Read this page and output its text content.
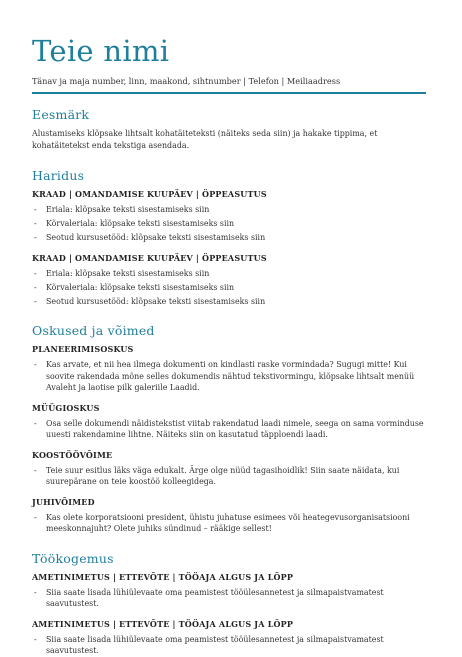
Teie nimi
Tänav ja maja number, linn, maakond, sihtnumber | Telefon | Meiliaadress
Eesmärk

Alustamiseks klõpsake lihtsalt kohatäiteteksti (näiteks seda siin) ja hakake tippima, et kohatäitetekst enda tekstiga asendada.

Haridus
KRAAD | OMANDAMISE KUUPÄEV | ÖPPEASUTUS
- Eriala: klõpsake teksti sisestamiseks siin
- Kõrvaleriala: klõpsake teksti sisestamiseks siin
- Seotud kursusetööd: klõpsake teksti sisestamiseks siin
KRAAD | OMANDAMISE KUUPÄEV | ÖPPEASUTUS
- Eriala: klõpsake teksti sisestamiseks siin
- Kõrvaleriala: klõpsake teksti sisestamiseks siin
- Seotud kursusetööd: klõpsake teksti sisestamiseks siin
Oskused ja võimed
PLANEERIMISOSKUS
- Kas arvate, et nii hea ilmega dokumenti on kindlasti raske vormindada? Sugugi mitte! Kui soovite rakendada mõne selles dokumendis nähtud tekstivormingu, klõpsake lihtsalt menüü Avaleht ja laotise pilk galeriile Laadid.
MÜÜGIOSKUS
- Osa selle dokumendi näidistekstist viitab rakendatud laadi nimele, seega on sama vorminduse uuesti rakendamine lihtne. Näiteks siin on kasutatud täpploendi laadi.
KOOSTÖÖVÕIME
- Teie suur esitlus läks väga edukalt. Ärge olge nüüd tagasihoidlik! Siin saate näidata, kui suurepärane on teie koostöö kolleegidega.
JUHIVÕIMED
- Kas olete korporatsiooni president, ühistu juhatuse esimees või heategevusorganisatsiooni meeskonnajuht? Olete juhiks sündinud – rääkige sellest!
Töökogemus
AMETINIMETUS | ETTEVÕTE | TÖÖAJA ALGUS JA LÕPP
- Siia saate lisada lühiülevaate oma peamistest tööülesannetest ja silmapaistvamatest saavutustest.
AMETINIMETUS | ETTEVÕTE | TÖÖAJA ALGUS JA LÕPP
- Siia saate lisada lühiülevaate oma peamistest tööülesannetest ja silmapaistvamatest saavutustest.
